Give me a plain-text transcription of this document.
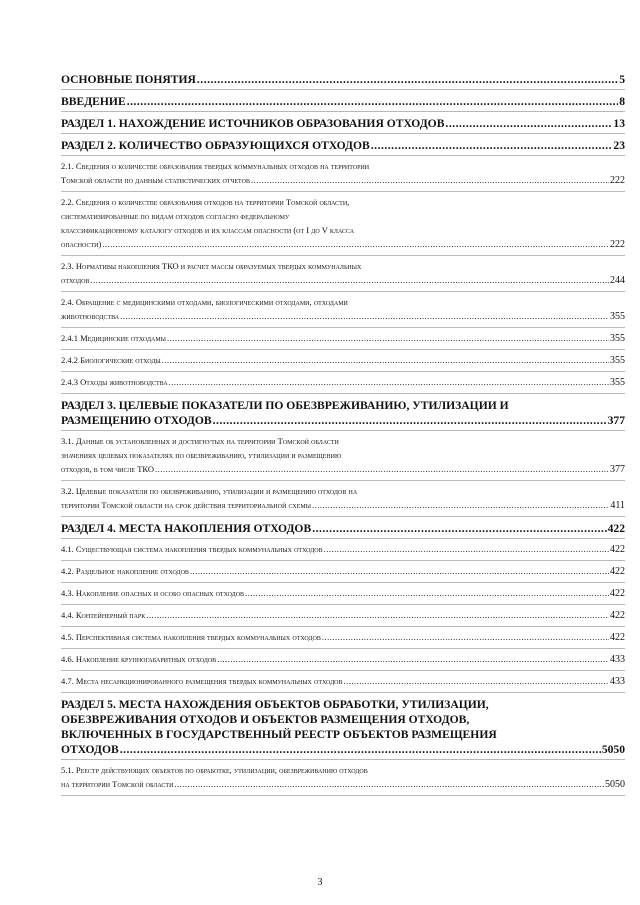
ОСНОВНЫЕ ПОНЯТИЯ .....	5
ВВЕДЕНИЕ .....	8
РАЗДЕЛ 1. НАХОЖДЕНИЕ ИСТОЧНИКОВ ОБРАЗОВАНИЯ ОТХОДОВ .....	13
РАЗДЕЛ 2. КОЛИЧЕСТВО ОБРАЗУЮЩИХСЯ ОТХОДОВ .....	23
2.1. Сведения о количестве образования твердых коммунальных отходов на территории
Томской области по данным статистических отчетов .....	222
2.2. Сведения о количестве образования отходов на территории Томской области,
систематизированные по видам отходов согласно федеральному
классификационному каталогу отходов и их классам опасности (от I до V класса
опасности) .....	222
2.3. Нормативы накопления ТКО и расчет массы образуемых твердых коммунальных
отходов .....	244
2.4. Обращение с медицинскими отходами, биологическими отходами, отходами
животноводства .....	355
2.4.1 Медицинские отходамы .....	355
2.4.2 Биологические отходы .....	355
2.4.3 Отходы животноводства .....	355
РАЗДЕЛ 3. ЦЕЛЕВЫЕ ПОКАЗАТЕЛИ ПО ОБЕЗВРЕЖИВАНИЮ, УТИЛИЗАЦИИ И
РАЗМЕЩЕНИЮ ОТХОДОВ .....	377
3.1. Данные об установленных и достигнутых на территории Томской области
значениях целевых показателях по обезвреживанию, утилизации и размещению
отходов, в том числе ТКО .....	377
3.2. Целевые показатели по обезвреживанию, утилизации и размещению отходов на
территории Томской области на срок действия территориальной схемы .....	411
РАЗДЕЛ 4. МЕСТА НАКОПЛЕНИЯ ОТХОДОВ .....	422
4.1. Существующая система накопления твердых коммунальных отходов .....	422
4.2. Раздельное накопление отходов .....	422
4.3. Накопление опасных и особо опасных отходов .....	422
4.4. Контейнерный парк .....	422
4.5. Перспективная система накопления твердых коммунальных отходов .....	422
4.6. Накопление крупногабаритных отходов .....	433
4.7. Места несанкционированного размещения твердых коммунальных отходов .....	433
РАЗДЕЛ 5. МЕСТА НАХОЖДЕНИЯ ОБЪЕКТОВ ОБРАБОТКИ, УТИЛИЗАЦИИ,
ОБЕЗВРЕЖИВАНИЯ ОТХОДОВ И ОБЪЕКТОВ РАЗМЕЩЕНИЯ ОТХОДОВ,
ВКЛЮЧЕННЫХ В ГОСУДАРСТВЕННЫЙ РЕЕСТР ОБЪЕКТОВ РАЗМЕЩЕНИЯ
ОТХОДОВ .....	5050
5.1. Реестр действующих объектов по обработке, утилизации, обезвреживанию отходов
на территории Томской области .....	5050
3
